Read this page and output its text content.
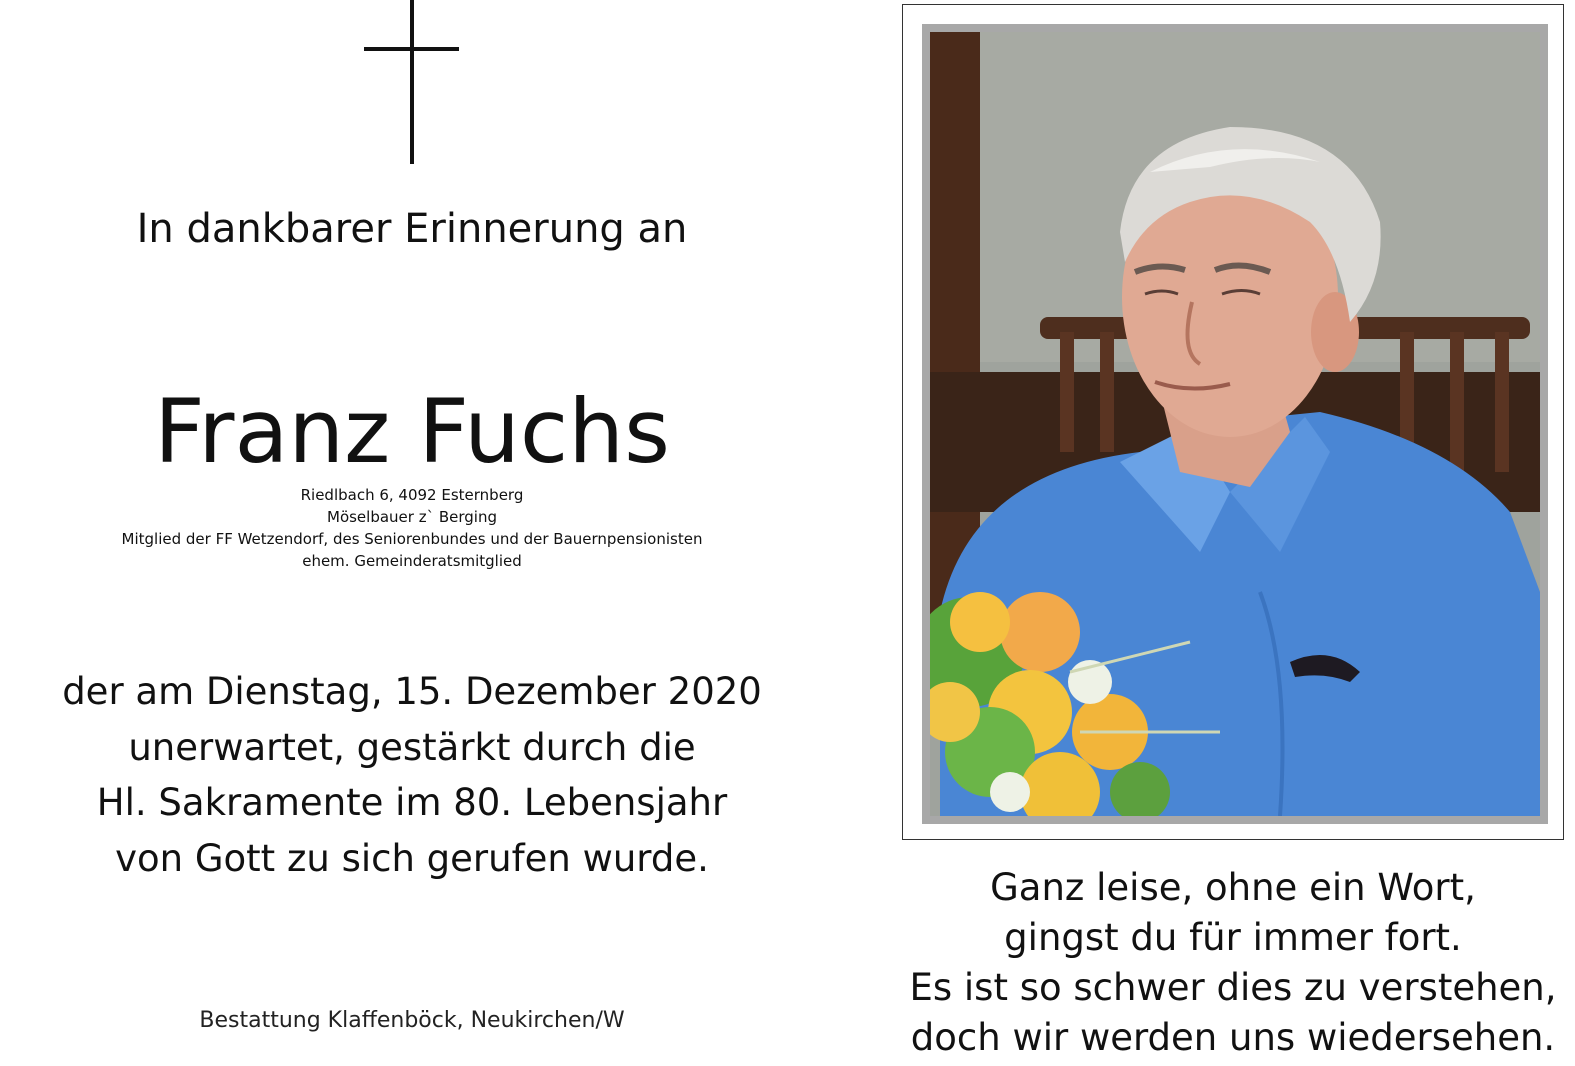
In dankbarer Erinnerung an
Franz Fuchs
Riedlbach 6, 4092 Esternberg
Möselbauer z` Berging
Mitglied der FF Wetzendorf, des Seniorenbundes und der Bauernpensionisten
ehem. Gemeinderatsmitglied
der am Dienstag, 15. Dezember 2020
unerwartet, gestärkt durch die
Hl. Sakramente im 80. Lebensjahr
von Gott zu sich gerufen wurde.
Bestattung Klaffenböck, Neukirchen/W
Ganz leise, ohne ein Wort,
gingst du für immer fort.
Es ist so schwer dies zu verstehen,
doch wir werden uns wiedersehen.
